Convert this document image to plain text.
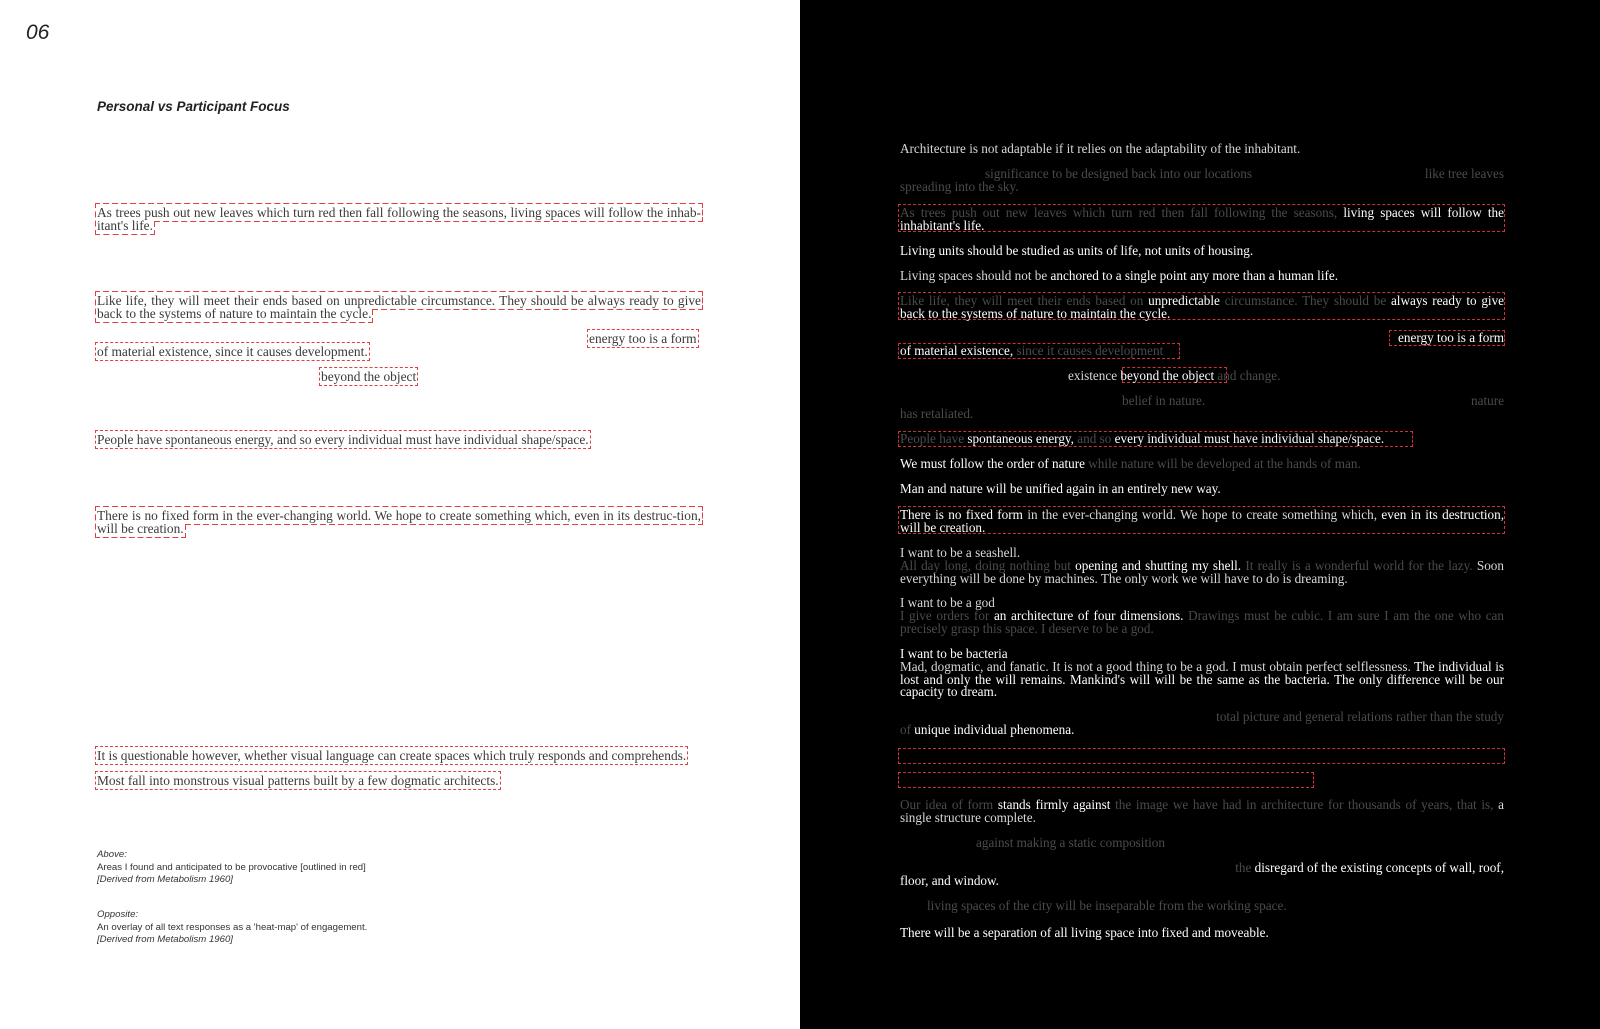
06
Personal vs Participant Focus
As trees push out new leaves which turn red then fall following the seasons, living spaces will follow the inhab-itant's life.
Like life, they will meet their ends based on unpredictable circumstance. They should be always ready to give back to the systems of nature to maintain the cycle.
energy too is a form
of material existence, since it causes development.
beyond the object
People have spontaneous energy, and so every individual must have individual shape/space.
There is no fixed form in the ever-changing world. We hope to create something which, even in its destruc-tion, will be creation.
It is questionable however, whether visual language can create spaces which truly responds and comprehends.
Most fall into monstrous visual patterns built by a few dogmatic architects.
Above:
Areas I found and anticipated to be provocative [outlined in red]
[Derived from Metabolism 1960]
Opposite:
An overlay of all text responses as a 'heat-map' of engagement.
[Derived from Metabolism 1960]
Architecture is not adaptable if it relies on the adaptability of the inhabitant.
significance to be designed back into our locations	like tree leaves
spreading into the sky.
As trees push out new leaves which turn red then fall following the seasons, living spaces will follow the inhabitant's life.
Living units should be studied as units of life, not units of housing.
Living spaces should not be anchored to a single point any more than a human life.
Like life, they will meet their ends based on unpredictable circumstance. They should be always ready to give back to the systems of nature to maintain the cycle.
energy too is a form
of material existence, since it causes development
existence beyond the object and change.
belief in nature.	nature
has retaliated.
People have spontaneous energy, and so every individual must have individual shape/space.
We must follow the order of nature while nature will be developed at the hands of man.
Man and nature will be unified again in an entirely new way.
There is no fixed form in the ever-changing world. We hope to create something which, even in its destruction, will be creation.
I want to be a seashell.
All day long, doing nothing but opening and shutting my shell. It really is a wonderful world for the lazy. Soon everything will be done by machines. The only work we will have to do is dreaming.
I want to be a god
I give orders for an architecture of four dimensions. Drawings must be cubic. I am sure I am the one who can precisely grasp this space. I deserve to be a god.
I want to be bacteria
Mad, dogmatic, and fanatic. It is not a good thing to be a god. I must obtain perfect selflessness. The individual is lost and only the will remains. Mankind's will will be the same as the bacteria. The only difference will be our capacity to dream.
total picture and general relations rather than the study

of unique individual phenomena.
Our idea of form stands firmly against the image we have had in architecture for thousands of years, that is, a single structure complete.
against making a static composition
the disregard of the existing concepts of wall, roof,

living spaces of the city will be inseparable from the working space.
There will be a separation of all living space into fixed and moveable.
floor, and window.
